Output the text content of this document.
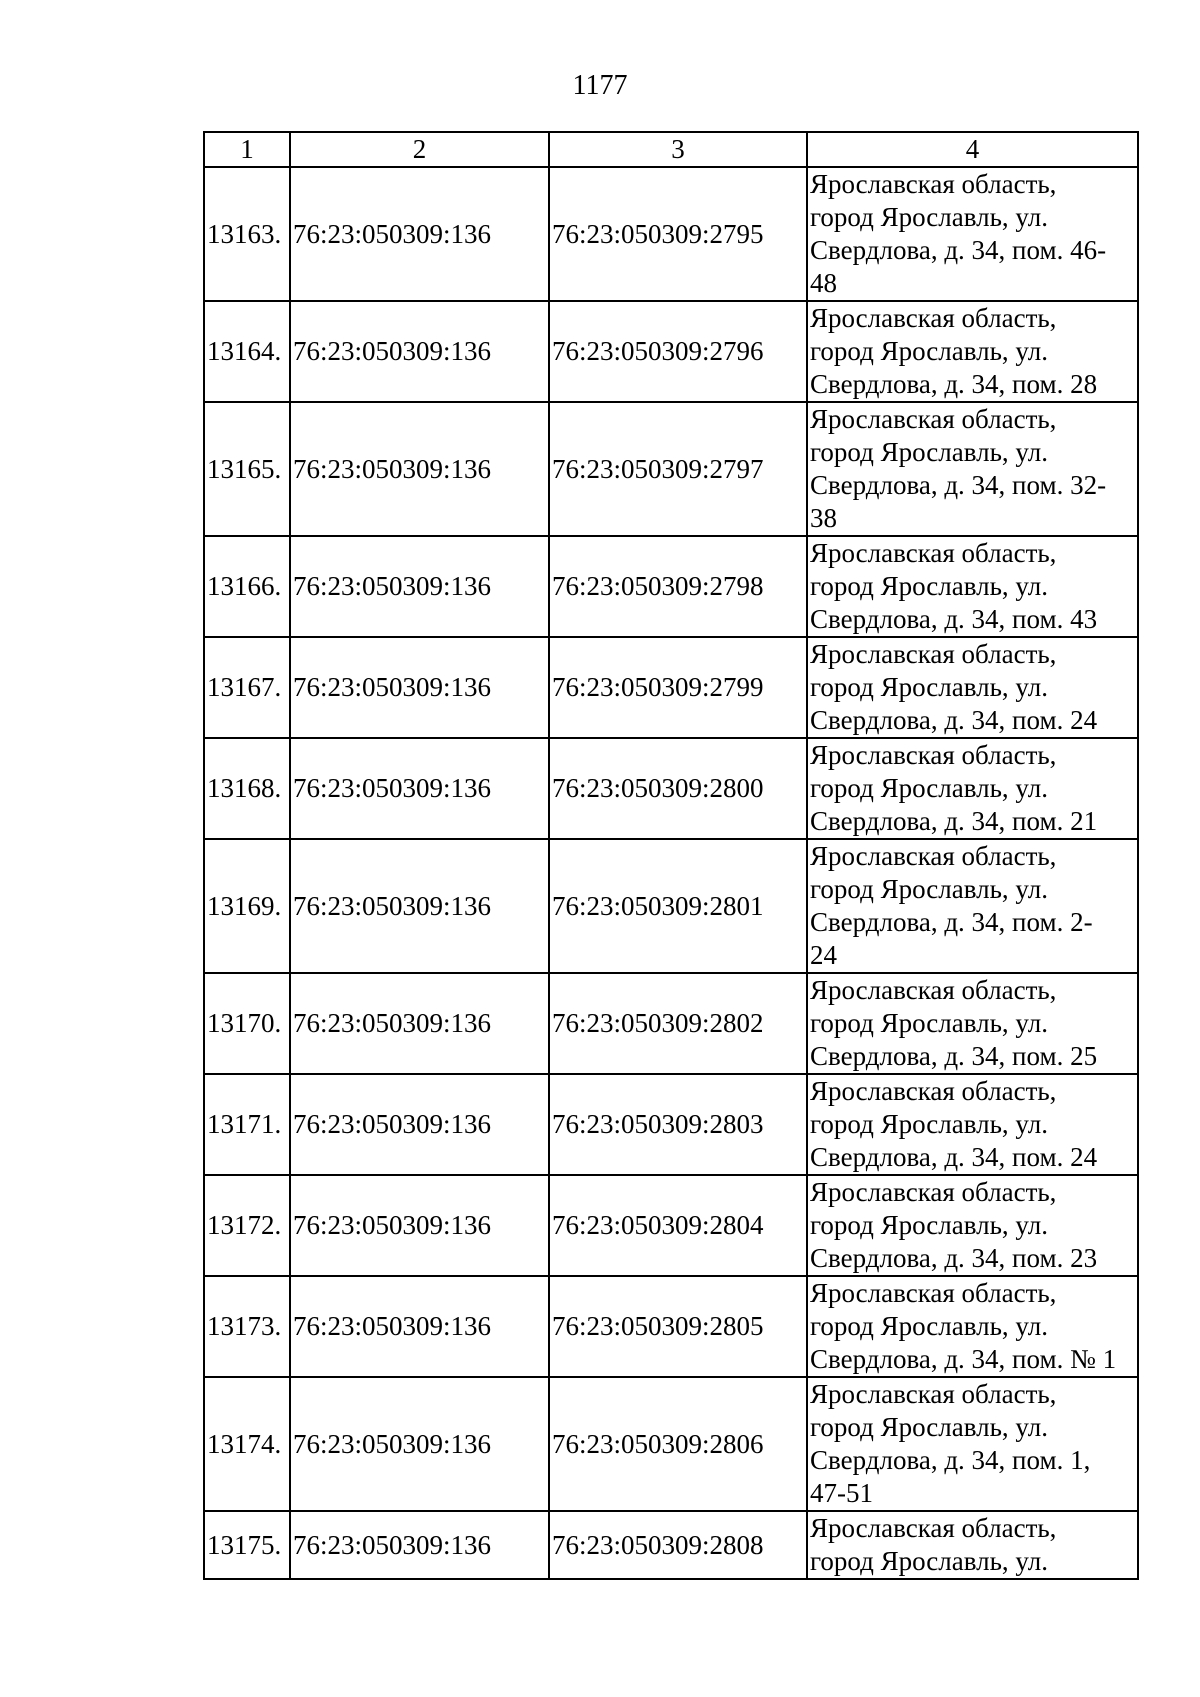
1177
1	2	3	4
13163.	76:23:050309:136	76:23:050309:2795	Ярославская область,
город Ярославль, ул.
Свердлова, д. 34, пом. 46-
48
13164.	76:23:050309:136	76:23:050309:2796	Ярославская область,
город Ярославль, ул.
Свердлова, д. 34, пом. 28
13165.	76:23:050309:136	76:23:050309:2797	Ярославская область,
город Ярославль, ул.
Свердлова, д. 34, пом. 32-
38
13166.	76:23:050309:136	76:23:050309:2798	Ярославская область,
город Ярославль, ул.
Свердлова, д. 34, пом. 43
13167.	76:23:050309:136	76:23:050309:2799	Ярославская область,
город Ярославль, ул.
Свердлова, д. 34, пом. 24
13168.	76:23:050309:136	76:23:050309:2800	Ярославская область,
город Ярославль, ул.
Свердлова, д. 34, пом. 21
13169.	76:23:050309:136	76:23:050309:2801	Ярославская область,
город Ярославль, ул.
Свердлова, д. 34, пом. 2-
24
13170.	76:23:050309:136	76:23:050309:2802	Ярославская область,
город Ярославль, ул.
Свердлова, д. 34, пом. 25
13171.	76:23:050309:136	76:23:050309:2803	Ярославская область,
город Ярославль, ул.
Свердлова, д. 34, пом. 24
13172.	76:23:050309:136	76:23:050309:2804	Ярославская область,
город Ярославль, ул.
Свердлова, д. 34, пом. 23
13173.	76:23:050309:136	76:23:050309:2805	Ярославская область,
город Ярославль, ул.
Свердлова, д. 34, пом. № 1
13174.	76:23:050309:136	76:23:050309:2806	Ярославская область,
город Ярославль, ул.
Свердлова, д. 34, пом. 1,
47-51
13175.	76:23:050309:136	76:23:050309:2808	Ярославская область,
город Ярославль, ул.
